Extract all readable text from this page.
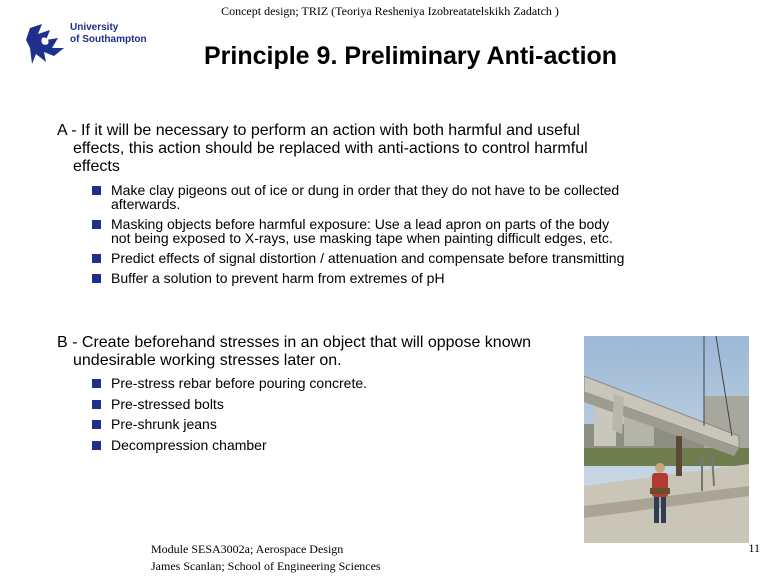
Concept design; TRIZ (Teoriya Resheniya Izobreatatelskikh Zadatch )
University
of Southampton
Principle 9. Preliminary Anti-action
A - If it will be necessary to perform an action with both harmful and useful effects, this action should be replaced with anti-actions to control harmful effects
Make clay pigeons out of ice or dung in order that they do not have to be collected afterwards.
Masking objects before harmful exposure: Use a lead apron on parts of the body not being exposed to X-rays, use masking tape when painting difficult edges, etc.
Predict effects of signal distortion / attenuation and compensate before transmitting
Buffer a solution to prevent harm from extremes of pH
B - Create beforehand stresses in an object that will oppose known undesirable working stresses later on.
Pre-stress rebar before pouring concrete.
Pre-stressed bolts
Pre-shrunk jeans
Decompression chamber
Module SESA3002a; Aerospace Design
James Scanlan; School of Engineering Sciences
11
